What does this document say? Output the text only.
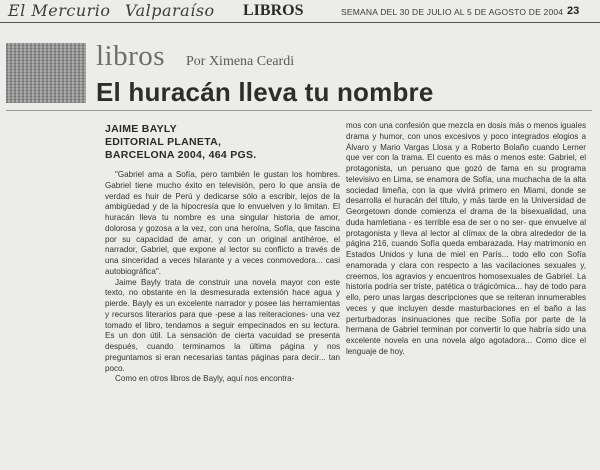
El Mercurio Valparaíso LIBROS	SEMANA DEL 30 DE JULIO AL 5 DE AGOSTO DE 2004 23
libros Por Ximena Ceardi
El huracán lleva tu nombre
JAIME BAYLY
EDITORIAL PLANETA,
BARCELONA 2004, 464 PGS.

"Gabriel ama a Sofía, pero también le gustan los hombres. Gabriel tiene mucho éxito en televisión, pero lo que ansía de verdad es huir de Perú y dedicarse sólo a escribir, lejos de la ambigüedad y de la hipocresía que lo envuelven y lo limitan. El huracán lleva tu nombre es una singular historia de amor, dolorosa y gozosa a la vez, con una heroína, Sofía, que fascina por su capacidad de amar, y con un original antihéroe, el narrador, Gabriel, que expone al lector su conflicto a través de una sinceridad a veces hilarante y a veces conmovedora... casi autobiográfica".

Jaime Bayly trata de construir una novela mayor con este texto, no obstante en la desmesurada extensión hace agua y pierde. Bayly es un excelente narrador y posee las herramientas y recursos literarios para que -pese a las reiteraciones- una vez tomado el libro, tendamos a seguir empecinados en su lectura. Es un don útil. La sensación de cierta vacuidad se presenta después, cuando terminamos la última página y nos preguntamos si eran necesarias tantas páginas para decir... tan poco.

Como en otros libros de Bayly, aquí nos encontra-

mos con una confesión que mezcla en dosis más o menos iguales drama y humor, con unos excesivos y poco integrados elogios a Álvaro y Mario Vargas Llosa y a Roberto Bolaño cuando Lerner que ver con la trama. El cuento es más o menos este: Gabriel, el protagonista, un peruano que gozó de fama en su programa televisivo en Lima, se enamora de Sofía, una muchacha de la alta sociedad limeña, con la que vivirá primero en Miami, donde se desarrolla el huracán del título, y más tarde en la Universidad de Georgetown donde comienza el drama de la bisexualidad, una duda hamletiana - es terrible esa de ser o no ser- que envuelve al protagonista y lleva al lector al clímax de la obra alrededor de la página 216, cuando Sofía queda embarazada. Hay matrimonio en Estados Unidos y luna de miel en París... todo ello con Sofía enamorada y clara con respecto a las vacilaciones sexuales y, creemos, los agravios y encuentros homosexuales de Gabriel. La historia podría ser triste, patética o trágicómica... hay de todo para ello, pero unas largas descripciones que se reiteran innumerables veces y que incluyen desde masturbaciones en el baño a las perturbadoras insinuaciones que recibe Sofía por parte de la hermana de Gabriel terminan por convertir lo que habría sido una excelente novela en una novela algo agotadora... Como dice el lenguaje de hoy.
